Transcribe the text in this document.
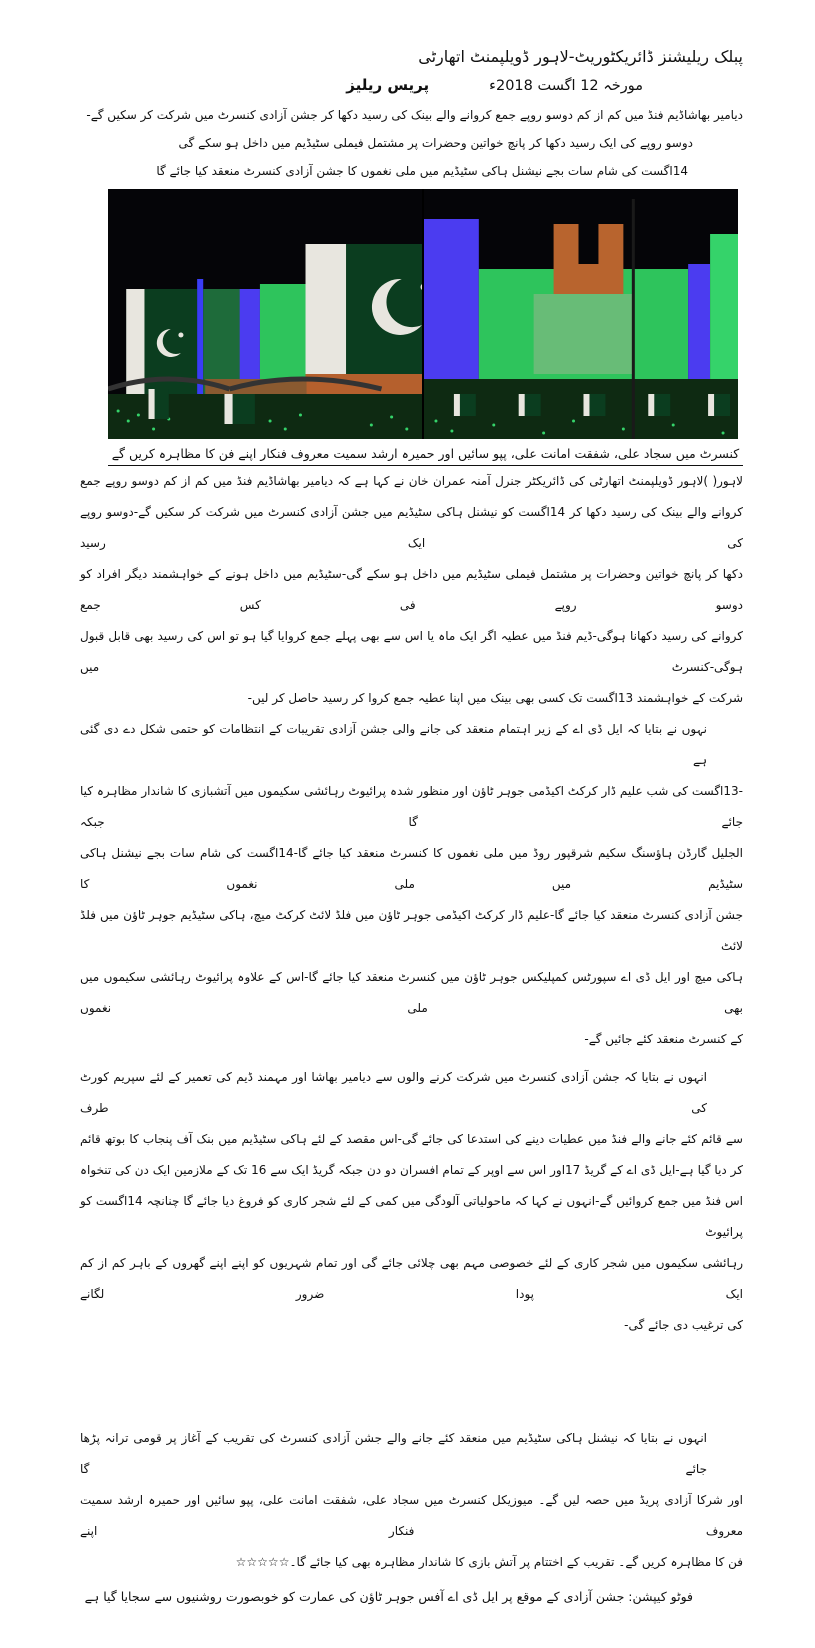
پبلک ریلیشنز ڈائریکٹوریٹ-لاہور ڈویلپمنٹ اتھارٹی
مورخہ 12 اگست 2018ء
پریس ریلیز
دیامیر بھاشاڈیم فنڈ میں کم از کم دوسو روپے جمع کروانے والے بینک کی رسید دکھا کر جشن آزادی کنسرٹ میں شرکت کر سکیں گے-
دوسو روپے کی ایک رسید دکھا کر پانچ خواتین وحضرات پر مشتمل فیملی سٹیڈیم میں داخل ہو سکے گی
14اگست کی شام سات بجے نیشنل ہاکی سٹیڈیم میں ملی نغموں کا جشن آزادی کنسرٹ منعقد کیا جائے گا
کنسرٹ میں سجاد علی، شفقت امانت علی، پپو سائیں اور حمیرہ ارشد سمیت معروف فنکار اپنے فن کا مظاہرہ کریں گے
لاہور( )لاہور ڈویلپمنٹ اتھارٹی کی ڈائریکٹر جنرل آمنہ عمران خان نے کہا ہے کہ دیامیر بھاشاڈیم فنڈ میں کم از کم دوسو روپے جمع
کروانے والے بینک کی رسید دکھا کر 14اگست کو نیشنل ہاکی سٹیڈیم میں جشن آزادی کنسرٹ میں شرکت کر سکیں گے-دوسو روپے کی ایک رسید
دکھا کر پانچ خواتین وحضرات پر مشتمل فیملی سٹیڈیم میں داخل ہو سکے گی-سٹیڈیم میں داخل ہونے کے خواہشمند دیگر افراد کو دوسو روپے فی کس جمع
کروانے کی رسید دکھانا ہوگی-ڈیم فنڈ میں عطیہ اگر ایک ماہ یا اس سے بھی پہلے جمع کروایا گیا ہو تو اس کی رسید بھی قابل قبول ہوگی-کنسرٹ میں
شرکت کے خواہشمند 13اگست تک کسی بھی بینک میں اپنا عطیہ جمع کروا کر رسید حاصل کر لیں-
نہوں نے بتایا کہ ایل ڈی اے کے زیر اہتمام منعقد کی جانے والی جشن آزادی تقریبات کے انتظامات کو حتمی شکل دے دی گئی ہے
-13اگست کی شب علیم ڈار کرکٹ اکیڈمی جوہر ٹاؤن اور منظور شدہ پرائیوٹ رہائشی سکیموں میں آتشبازی کا شاندار مظاہرہ کیا جائے گا جبکہ
الجلیل گارڈن ہاؤسنگ سکیم شرقپور روڈ میں ملی نغموں کا کنسرٹ منعقد کیا جائے گا-14اگست کی شام سات بجے نیشنل ہاکی سٹیڈیم میں ملی نغموں کا
جشن آزادی کنسرٹ منعقد کیا جائے گا-علیم ڈار کرکٹ اکیڈمی جوہر ٹاؤن میں فلڈ لائٹ کرکٹ میچ، ہاکی سٹیڈیم جوہر ٹاؤن میں فلڈ لائٹ
ہاکی میچ اور ایل ڈی اے سپورٹس کمپلیکس جوہر ٹاؤن میں کنسرٹ منعقد کیا جائے گا-اس کے علاوہ پرائیوٹ رہائشی سکیموں میں بھی ملی نغموں
کے کنسرٹ منعقد کئے جائیں گے-
انہوں نے بتایا کہ جشن آزادی کنسرٹ میں شرکت کرنے والوں سے دیامیر بھاشا اور مہمند ڈیم کی تعمیر کے لئے سپریم کورٹ کی طرف
سے قائم کئے جانے والے فنڈ میں عطیات دینے کی استدعا کی جائے گی-اس مقصد کے لئے ہاکی سٹیڈیم میں بنک آف پنجاب کا بوتھ قائم
کر دیا گیا ہے-ایل ڈی اے کے گریڈ 17اور اس سے اوپر کے تمام افسران دو دن جبکہ گریڈ ایک سے 16 تک کے ملازمین ایک دن کی تنخواہ
اس فنڈ میں جمع کروائیں گے-انہوں نے کہا کہ ماحولیاتی آلودگی میں کمی کے لئے شجر کاری کو فروغ دیا جائے گا چنانچہ 14اگست کو پرائیوٹ
رہائشی سکیموں میں شجر کاری کے لئے خصوصی مہم بھی چلائی جائے گی اور تمام شہریوں کو اپنے اپنے گھروں کے باہر کم از کم ایک پودا ضرور لگانے
کی ترغیب دی جائے گی-
انہوں نے بتایا کہ نیشنل ہاکی سٹیڈیم میں منعقد کئے جانے والے جشن آزادی کنسرٹ کی تقریب کے آغاز پر قومی ترانہ پڑھا جائے گا
اور شرکا آزادی پریڈ میں حصہ لیں گے۔ میوزیکل کنسرٹ میں سجاد علی، شفقت امانت علی، پپو سائیں اور حمیرہ ارشد سمیت معروف فنکار اپنے
فن کا مظاہرہ کریں گے۔ تقریب کے اختتام پر آتش بازی کا شاندار مظاہرہ بھی کیا جائے گا۔☆☆☆☆☆
فوٹو کیپشن: جشن آزادی کے موقع پر ایل ڈی اے آفس جوہر ٹاؤن کی عمارت کو خوبصورت روشنیوں سے سجایا گیا ہے
